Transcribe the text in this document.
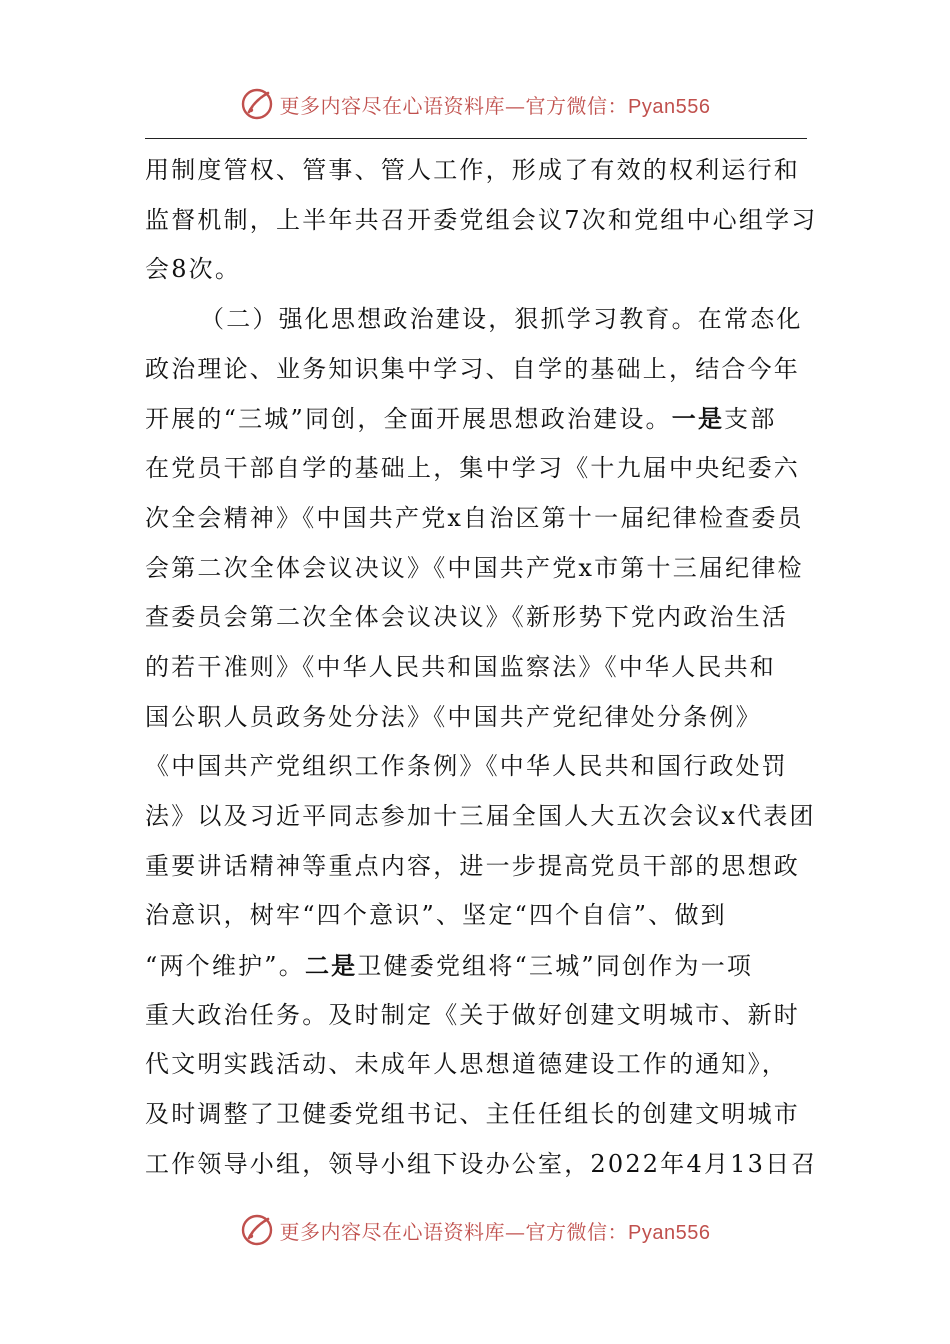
更多内容尽在心语资料库—官方微信：Pyan556
用制度管权、管事、管人工作，形成了有效的权利运行和
监督机制，上半年共召开委党组会议7次和党组中心组学习
会8次。
（二）强化思想政治建设，狠抓学习教育。在常态化
政治理论、业务知识集中学习、自学的基础上，结合今年
开展的“三城”同创，全面开展思想政治建设。一是支部
在党员干部自学的基础上，集中学习《十九届中央纪委六
次全会精神》《中国共产党x自治区第十一届纪律检查委员
会第二次全体会议决议》《中国共产党x市第十三届纪律检
查委员会第二次全体会议决议》《新形势下党内政治生活
的若干准则》《中华人民共和国监察法》《中华人民共和
国公职人员政务处分法》《中国共产党纪律处分条例》
《中国共产党组织工作条例》《中华人民共和国行政处罚
法》以及习近平同志参加十三届全国人大五次会议x代表团
重要讲话精神等重点内容，进一步提高党员干部的思想政
治意识，树牢“四个意识”、坚定“四个自信”、做到
“两个维护”。二是卫健委党组将“三城”同创作为一项
重大政治任务。及时制定《关于做好创建文明城市、新时
代文明实践活动、未成年人思想道德建设工作的通知》，
及时调整了卫健委党组书记、主任任组长的创建文明城市
工作领导小组，领导小组下设办公室，2022年4月13日召
更多内容尽在心语资料库—官方微信：Pyan556
